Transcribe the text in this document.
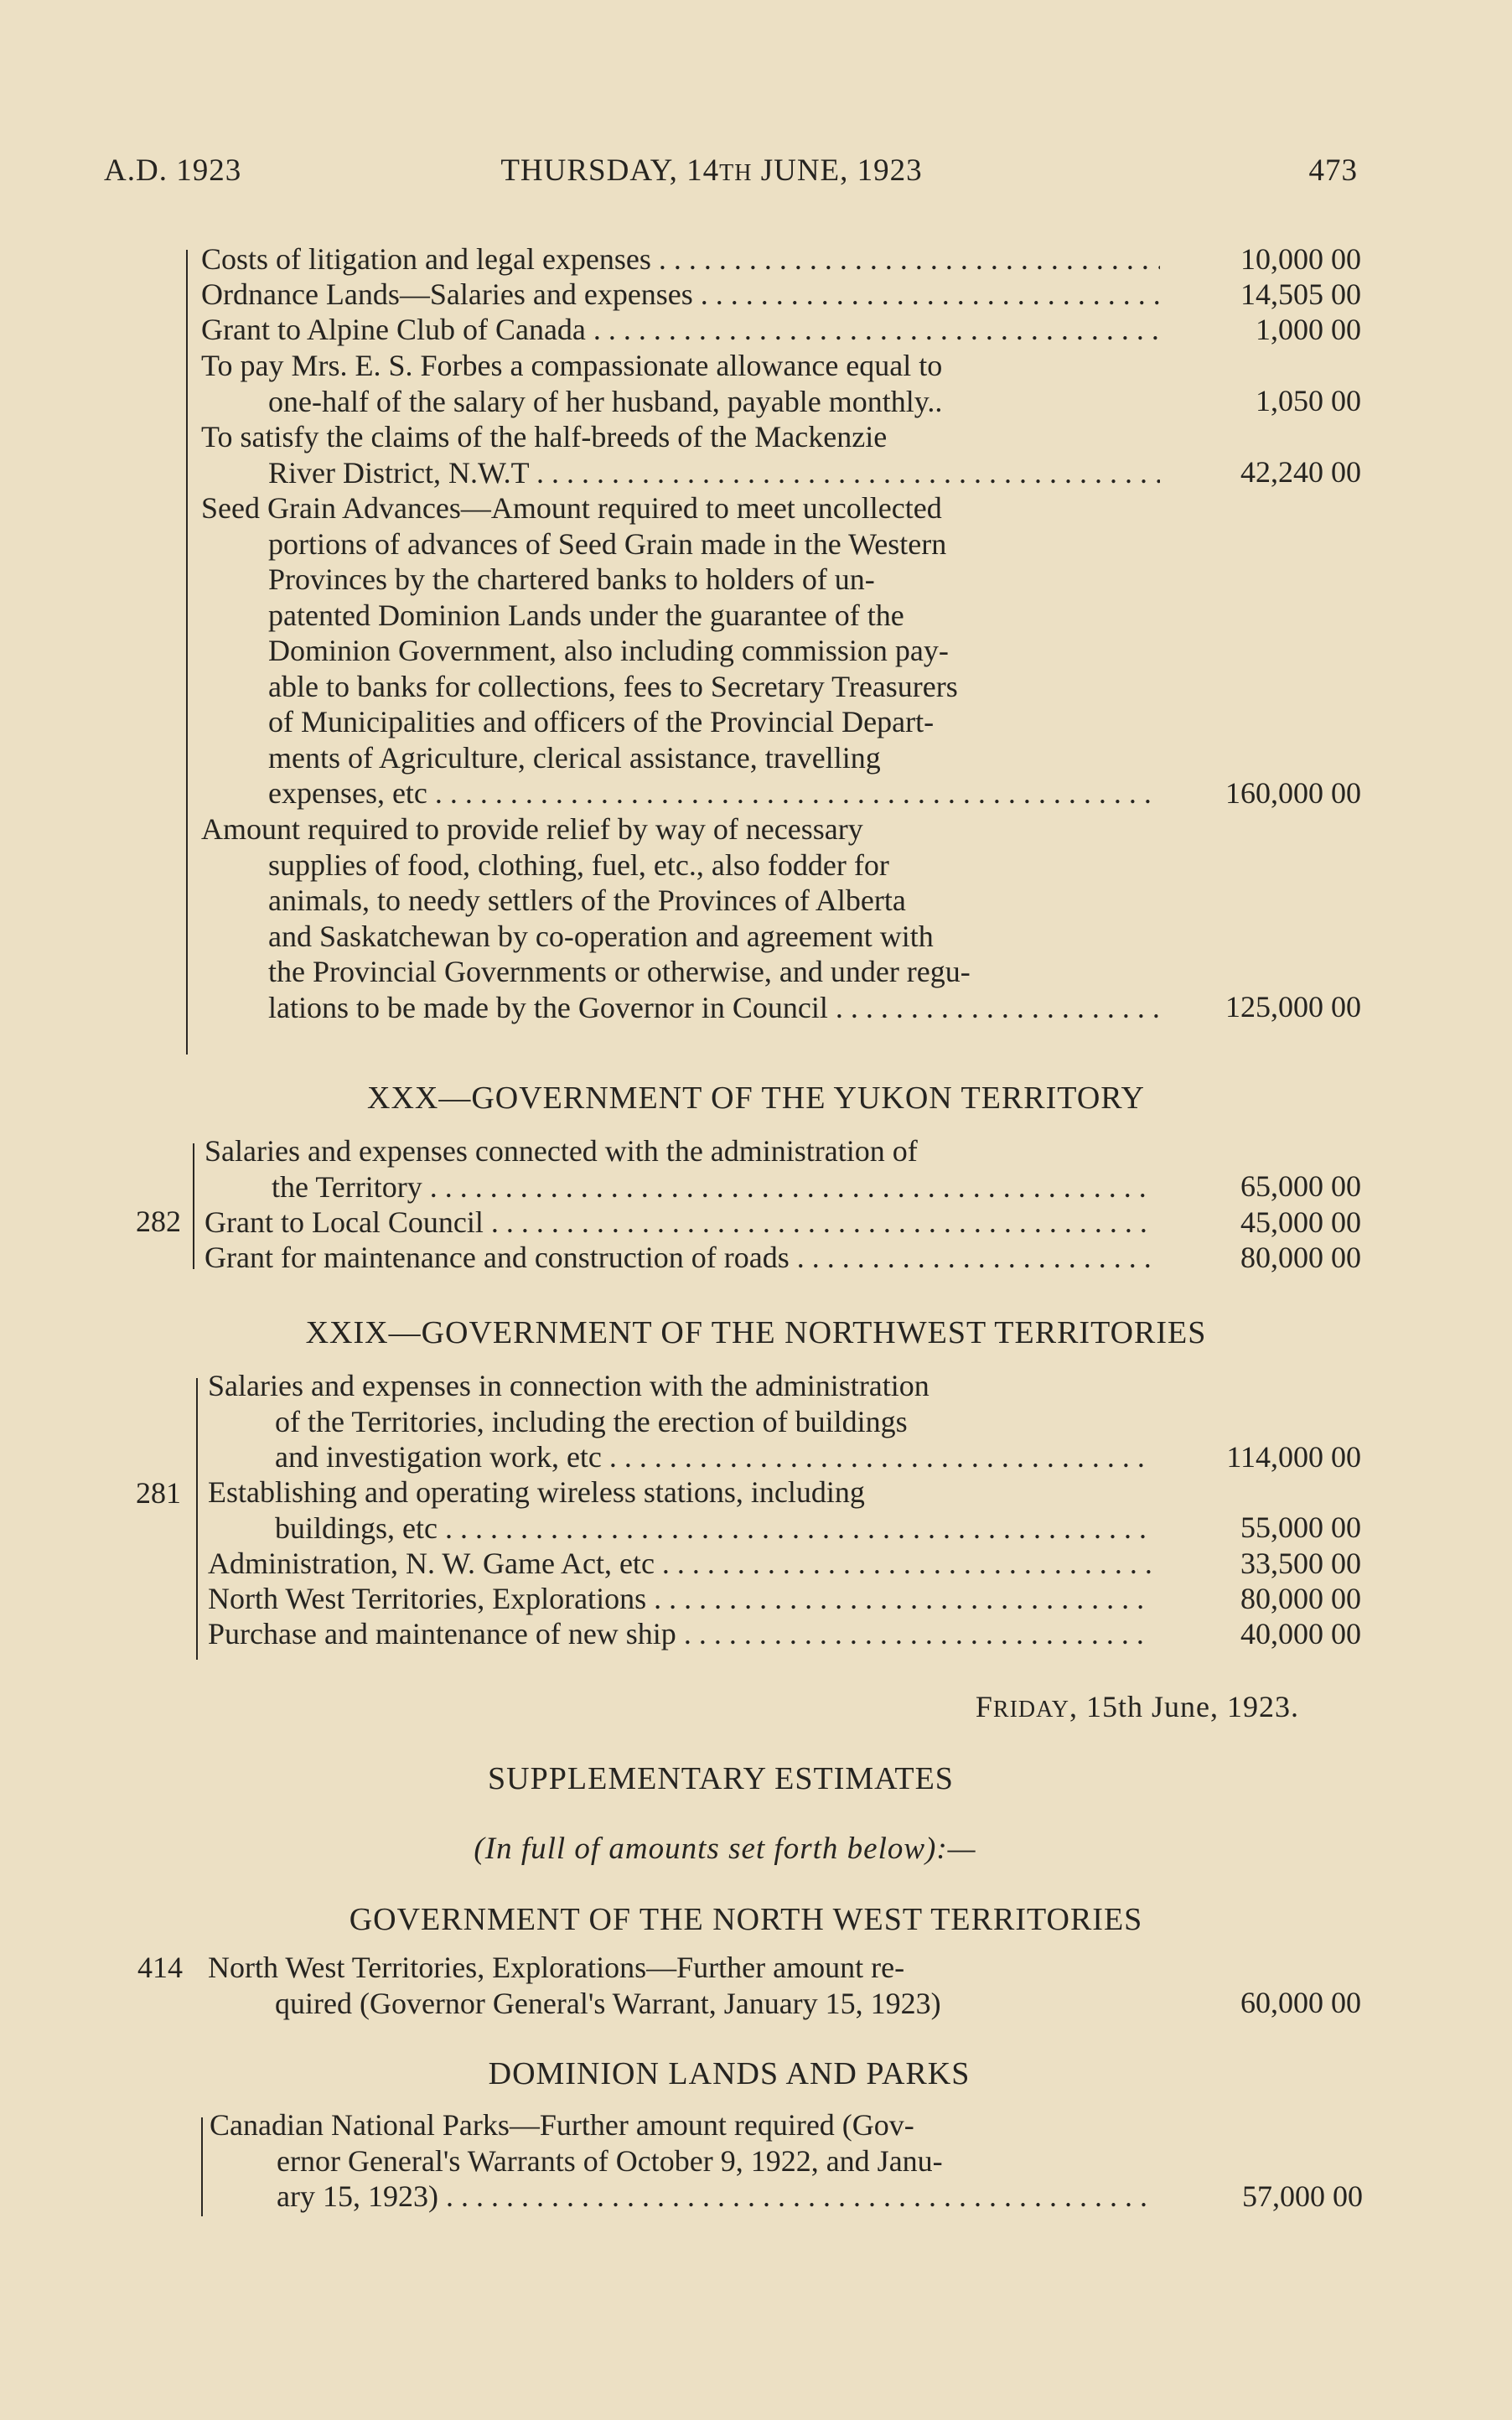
A.D. 1923	THURSDAY, 14TH JUNE, 1923	473
Costs of litigation and legal expenses . . .	10,000 00
Ordnance Lands—Salaries and expenses . . .	14,505 00
Grant to Alpine Club of Canada . . .	1,000 00
To pay Mrs. E. S. Forbes a compassionate allowance equal to
one-half of the salary of her husband, payable monthly..	1,050 00
To satisfy the claims of the half-breeds of the Mackenzie
River District, N.W.T . . .	42,240 00
Seed Grain Advances—Amount required to meet uncollected
portions of advances of Seed Grain made in the Western
Provinces by the chartered banks to holders of un-
patented Dominion Lands under the guarantee of the
Dominion Government, also including commission pay-
able to banks for collections, fees to Secretary Treasurers
of Municipalities and officers of the Provincial Depart-
ments of Agriculture, clerical assistance, travelling
expenses, etc . . .	160,000 00
Amount required to provide relief by way of necessary
supplies of food, clothing, fuel, etc., also fodder for
animals, to needy settlers of the Provinces of Alberta
and Saskatchewan by co-operation and agreement with
the Provincial Governments or otherwise, and under regu-
lations to be made by the Governor in Council . . .	125,000 00
XXX—GOVERNMENT OF THE YUKON TERRITORY
282
Salaries and expenses connected with the administration of
the Territory . . .	65,000 00
Grant to Local Council . . .	45,000 00
Grant for maintenance and construction of roads . . .	80,000 00
XXIX—GOVERNMENT OF THE NORTHWEST TERRITORIES
281
Salaries and expenses in connection with the administration
of the Territories, including the erection of buildings
and investigation work, etc . . .	114,000 00
Establishing and operating wireless stations, including
buildings, etc . . .	55,000 00
Administration, N. W. Game Act, etc . . .	33,500 00
North West Territories, Explorations . . .	80,000 00
Purchase and maintenance of new ship . . .	40,000 00
FRIDAY, 15th June, 1923.
SUPPLEMENTARY ESTIMATES
(In full of amounts set forth below):—
GOVERNMENT OF THE NORTH WEST TERRITORIES
414 North West Territories, Explorations—Further amount re-
quired (Governor General's Warrant, January 15, 1923)	60,000 00
DOMINION LANDS AND PARKS
Canadian National Parks—Further amount required (Gov-
ernor General's Warrants of October 9, 1922, and Janu-
ary 15, 1923) . . .	57,000 00
